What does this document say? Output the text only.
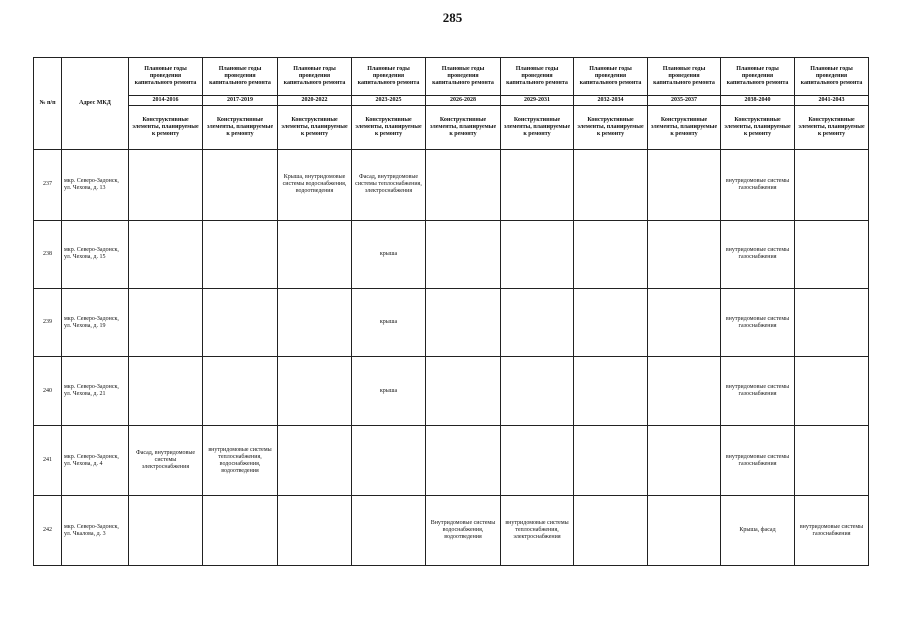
285
№ п/п	Адрес МКД	Плановые годы проведения капитального ремонта	Плановые годы проведения капитального ремонта	Плановые годы проведения капитального ремонта	Плановые годы проведения капитального ремонта	Плановые годы проведения капитального ремонта	Плановые годы проведения капитального ремонта	Плановые годы проведения капитального ремонта	Плановые годы проведения капитального ремонта	Плановые годы проведения капитального ремонта	Плановые годы проведения капитального ремонта
		2014-2016	2017-2019	2020-2022	2023-2025	2026-2028	2029-2031	2032-2034	2035-2037	2038-2040	2041-2043
		Конструктивные элементы, планируемые к ремонту	Конструктивные элементы, планируемые к ремонту	Конструктивные элементы, планируемые к ремонту	Конструктивные элементы, планируемые к ремонту	Конструктивные элементы, планируемые к ремонту	Конструктивные элементы, планируемые к ремонту	Конструктивные элементы, планируемые к ремонту	Конструктивные элементы, планируемые к ремонту	Конструктивные элементы, планируемые к ремонту	Конструктивные элементы, планируемые к ремонту
237	мкр. Северо-Задонск, ул. Чехова, д. 13			Крыша, внутридомовые системы водоснабжения, водоотведения	Фасад, внутридомовые системы теплоснабжения, электроснабжения					внутридомовые системы газоснабжения	
238	мкр. Северо-Задонск, ул. Чехова, д. 15				крыша					внутридомовые системы газоснабжения	
239	мкр. Северо-Задонск, ул. Чехова, д. 19				крыша					внутридомовые системы газоснабжения	
240	мкр. Северо-Задонск, ул. Чехова, д. 21				крыша					внутридомовые системы газоснабжения	
241	мкр. Северо-Задонск, ул. Чехова, д. 4	Фасад, внутридомовые системы электроснабжения	внутридомовые системы теплоснабжения, водоснабжения, водоотведения							внутридомовые системы газоснабжения	
242	мкр. Северо-Задонск, ул. Чкалова, д. 3					Внутридомовые системы водоснабжения, водоотведения	внутридомовые системы теплоснабжения, электроснабжения			Крыша, фасад	внутридомовые системы газоснабжения
